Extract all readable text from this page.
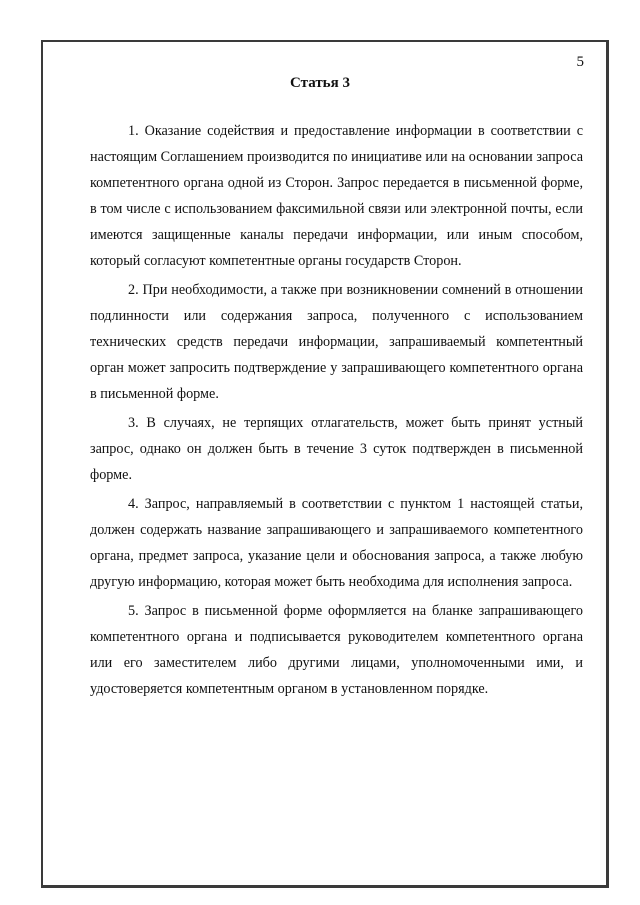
5
Статья 3

1. Оказание содействия и предоставление информации в соответствии с настоящим Соглашением производится по инициативе или на основании запроса компетентного органа одной из Сторон. Запрос передается в письменной форме, в том числе с использованием факсимильной связи или электронной почты, если имеются защищенные каналы передачи информации, или иным способом, который согласуют компетентные органы государств Сторон.

2. При необходимости, а также при возникновении сомнений в отношении подлинности или содержания запроса, полученного с использованием технических средств передачи информации, запрашиваемый компетентный орган может запросить подтверждение у запрашивающего компетентного органа в письменной форме.

3. В случаях, не терпящих отлагательств, может быть принят устный запрос, однако он должен быть в течение 3 суток подтвержден в письменной форме.

4. Запрос, направляемый в соответствии с пунктом 1 настоящей статьи, должен содержать название запрашивающего и запрашиваемого компетентного органа, предмет запроса, указание цели и обоснования запроса, а также любую другую информацию, которая может быть необходима для исполнения запроса.

5. Запрос в письменной форме оформляется на бланке запрашивающего компетентного органа и подписывается руководителем компетентного органа или его заместителем либо другими лицами, уполномоченными ими, и удостоверяется компетентным органом в установленном порядке.
